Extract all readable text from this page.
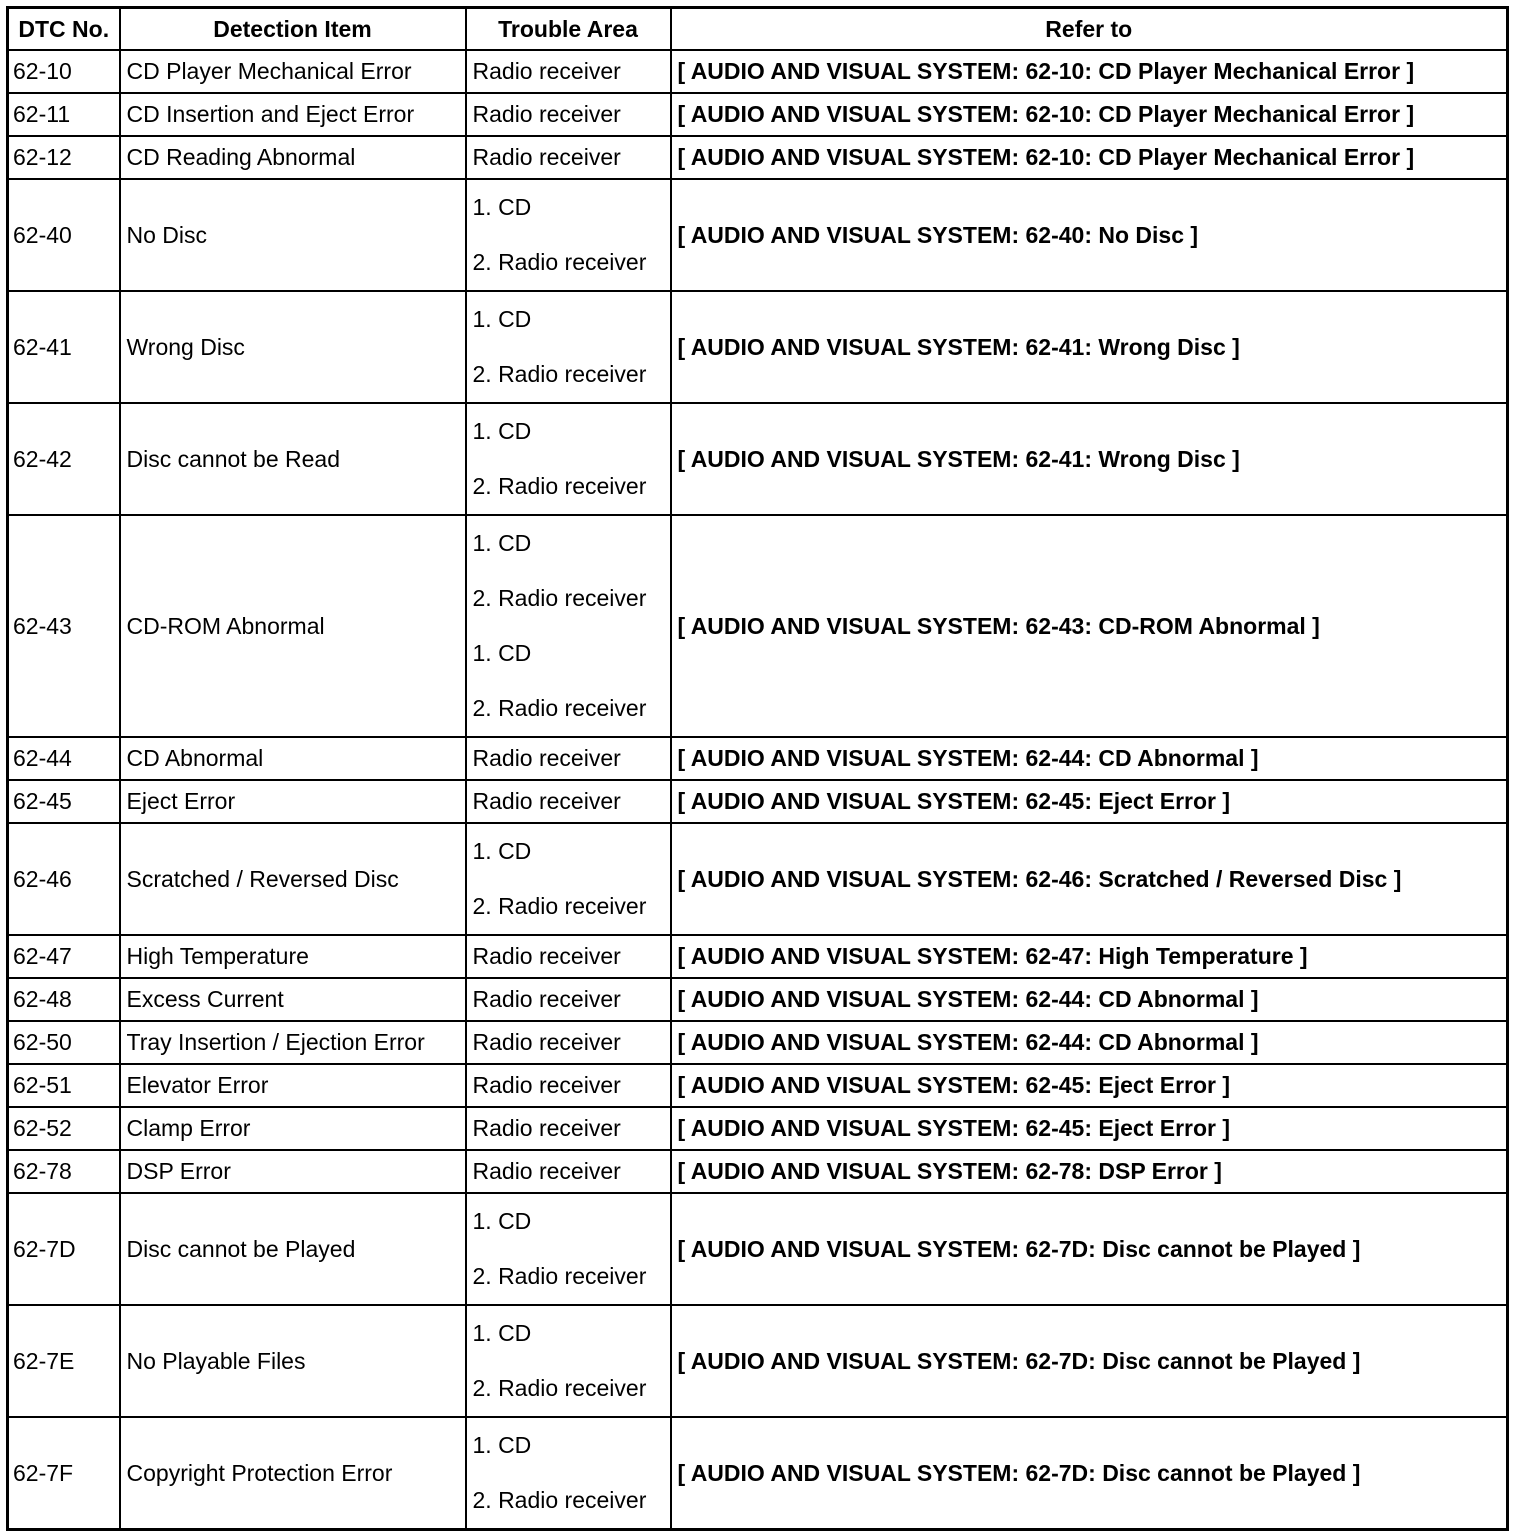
DTC No.	Detection Item	Trouble Area	Refer to
62-10	CD Player Mechanical Error	Radio receiver	[ AUDIO AND VISUAL SYSTEM: 62-10: CD Player Mechanical Error ]
62-11	CD Insertion and Eject Error	Radio receiver	[ AUDIO AND VISUAL SYSTEM: 62-10: CD Player Mechanical Error ]
62-12	CD Reading Abnormal	Radio receiver	[ AUDIO AND VISUAL SYSTEM: 62-10: CD Player Mechanical Error ]
62-40	No Disc	1. CD
2. Radio receiver	[ AUDIO AND VISUAL SYSTEM: 62-40: No Disc ]
62-41	Wrong Disc	1. CD
2. Radio receiver	[ AUDIO AND VISUAL SYSTEM: 62-41: Wrong Disc ]
62-42	Disc cannot be Read	1. CD
2. Radio receiver	[ AUDIO AND VISUAL SYSTEM: 62-41: Wrong Disc ]
62-43	CD-ROM Abnormal	1. CD
2. Radio receiver
1. CD
2. Radio receiver	[ AUDIO AND VISUAL SYSTEM: 62-43: CD-ROM Abnormal ]
62-44	CD Abnormal	Radio receiver	[ AUDIO AND VISUAL SYSTEM: 62-44: CD Abnormal ]
62-45	Eject Error	Radio receiver	[ AUDIO AND VISUAL SYSTEM: 62-45: Eject Error ]
62-46	Scratched / Reversed Disc	1. CD
2. Radio receiver	[ AUDIO AND VISUAL SYSTEM: 62-46: Scratched / Reversed Disc ]
62-47	High Temperature	Radio receiver	[ AUDIO AND VISUAL SYSTEM: 62-47: High Temperature ]
62-48	Excess Current	Radio receiver	[ AUDIO AND VISUAL SYSTEM: 62-44: CD Abnormal ]
62-50	Tray Insertion / Ejection Error	Radio receiver	[ AUDIO AND VISUAL SYSTEM: 62-44: CD Abnormal ]
62-51	Elevator Error	Radio receiver	[ AUDIO AND VISUAL SYSTEM: 62-45: Eject Error ]
62-52	Clamp Error	Radio receiver	[ AUDIO AND VISUAL SYSTEM: 62-45: Eject Error ]
62-78	DSP Error	Radio receiver	[ AUDIO AND VISUAL SYSTEM: 62-78: DSP Error ]
62-7D	Disc cannot be Played	1. CD
2. Radio receiver	[ AUDIO AND VISUAL SYSTEM: 62-7D: Disc cannot be Played ]
62-7E	No Playable Files	1. CD
2. Radio receiver	[ AUDIO AND VISUAL SYSTEM: 62-7D: Disc cannot be Played ]
62-7F	Copyright Protection Error	1. CD
2. Radio receiver	[ AUDIO AND VISUAL SYSTEM: 62-7D: Disc cannot be Played ]
